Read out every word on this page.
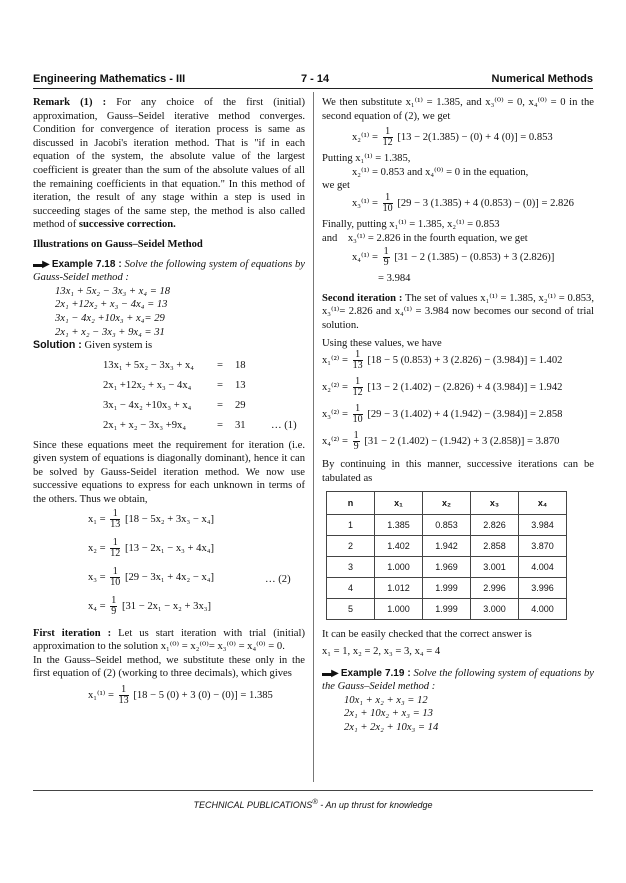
Engineering Mathematics - III	7 - 14	Numerical Methods

Remark (1) : For any choice of the first (initial) approximation, Gauss–Seidel iterative method converges. Condition for convergence of iteration process is same as discussed in Jacobi's iteration method. That is "if in each equation of the system, the absolute value of the largest coefficient is greater than the sum of the absolute values of all the remaining coefficients in that equation." In this method of iteration, the result of any stage within a step is used in succeeding stages of the same step, the method is also called method of successive correction.

Illustrations on Gauss–Seidel Method

▬▶ Example 7.18 : Solve the following system of equations by Gauss-Seidel method :

13x₁ + 5x₂ − 3x₃ + x₄ = 18
2x₁ +12x₂ + x₃ − 4x₄ = 13
3x₁ − 4x₂ +10x₃ + x₄= 29
2x₁ + x₂ − 3x₃ + 9x₄ = 31

Solution : Given system is

13x₁ + 5x₂ − 3x₃ + x₄ = 18
2x₁ +12x₂ + x₃ − 4x₄ = 13
3x₁ − 4x₂ +10x₃ + x₄ = 29
2x₁ + x₂ − 3x₃ +9x₄	= 31 … (1)

Since these equations meet the requirement for iteration (i.e. given system of equations is diagonally dominant), hence it can be solved by Gauss-Seidel iteration method. We now use successive equations to express for each unknown in terms of the others. Thus we obtain,

$x_1 = \frac{1}{13} [18 - 5x_2 + 3x_3 - x_4]$
$x_2 = \frac{1}{12} [13 - 2x_1 - x_3 + 4x_4]$
$x_3 = \frac{1}{10} [29 - 3x_1 + 4x_2 - x_4]$	… (2)
$x_4 = \frac{1}{9} [31 - 2x_1 - x_2 + 3x_3]$

First iteration : Let us start iteration with trial (initial) approximation to the solution x₁⁽⁰⁾ = x₂⁽⁰⁾= x₃⁽⁰⁾ = x₄⁽⁰⁾ = 0.

In the Gauss–Seidel method, we substitute these only in the first equation of (2) (working to three decimals), which gives

$x_1^{(1)} = \frac{1}{13} [18 - 5$ (0) + 3 (0) − (0)] = 1.385

We then substitute x₁⁽¹⁾ = 1.385, and x₃⁽⁰⁾ = 0, x₄⁽⁰⁾ = 0 in the second equation of (2), we get

$x_2^{(1)} = \frac{1}{12} [13 - 2(1.385) - (0) + 4$ (0)] = 0.853

Putting x₁⁽¹⁾ = 1.385,

x₂⁽¹⁾ = 0.853 and x₄⁽⁰⁾ = 0 in the equation,

we get

$x_3^{(1)} = \frac{1}{10} [29 - 3$ (1.385) + 4 (0.853) − (0)] = 2.826

Finally, putting x₁⁽¹⁾ = 1.385, x₂⁽¹⁾ = 0.853

and    x₃⁽¹⁾ = 2.826 in the fourth equation, we get

$x_4^{(1)} = \frac{1}{9} [31 - 2$ (1.385) − (0.853) + 3 (2.826)]
= 3.984

Second iteration : The set of values x₁⁽¹⁾ = 1.385, x₂⁽¹⁾ = 0.853, x₃⁽¹⁾= 2.826 and x₄⁽¹⁾ = 3.984 now becomes our second of trial solution.

Using these values, we have

$x_1^{(2)} = \frac{1}{13} [18 - 5$ (0.853) + 3 (2.826) − (3.984)] = 1.402
$x_2^{(2)} = \frac{1}{12} [13 - 2$ (1.402) − (2.826) + 4 (3.984)] = 1.942
$x_3^{(2)} = \frac{1}{10} [29 - 3$ (1.402) + 4 (1.942) − (3.984)] = 2.858
$x_4^{(2)} = \frac{1}{9} [31 - 2$ (1.402) − (1.942) + 3 (2.858)] = 3.870

By continuing in this manner, successive iterations can be tabulated as

n	x₁	x₂	x₃	x₄
1	1.385	0.853	2.826	3.984
2	1.402	1.942	2.858	3.870
3	1.000	1.969	3.001	4.004
4	1.012	1.999	2.996	3.996
5	1.000	1.999	3.000	4.000

It can be easily checked that the correct answer is

x₁ = 1, x₂ = 2, x₃ = 3, x₄ = 4

▬▶ Example 7.19 : Solve the following system of equations by the Gauss–Seidel method :

10x₁ + x₂ + x₃ = 12
2x₁ + 10x₂ + x₃ = 13
2x₁ + 2x₂ + 10x₃ = 14
TECHNICAL PUBLICATIONS® - An up thrust for knowledge
